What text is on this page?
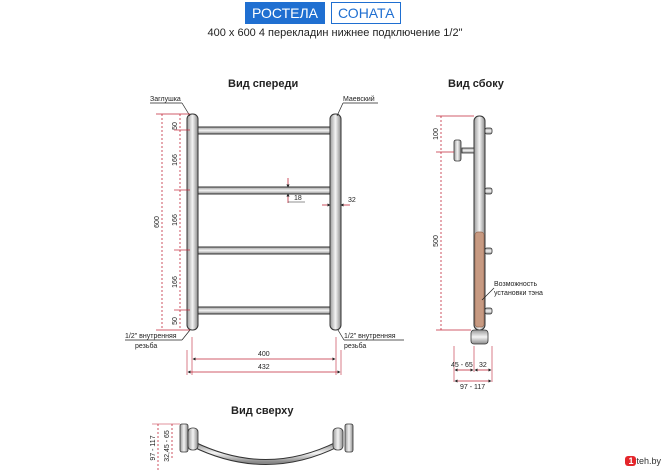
РОСТЕЛА	СОНАТА
400 x 600 4 перекладин нижнее подключение 1/2"
Вид спереди
Заглушка	Маевский
1/2" внутренняя
резьба
1/2" внутренняя
резьба
50
166
166
166
50
600
18	32
400
432
Вид сбоку
100
500
Возможность
установки тэна
45 - 65 32
97 - 117
Вид сверху
97 - 117 32,45 - 65	1 teh.by
